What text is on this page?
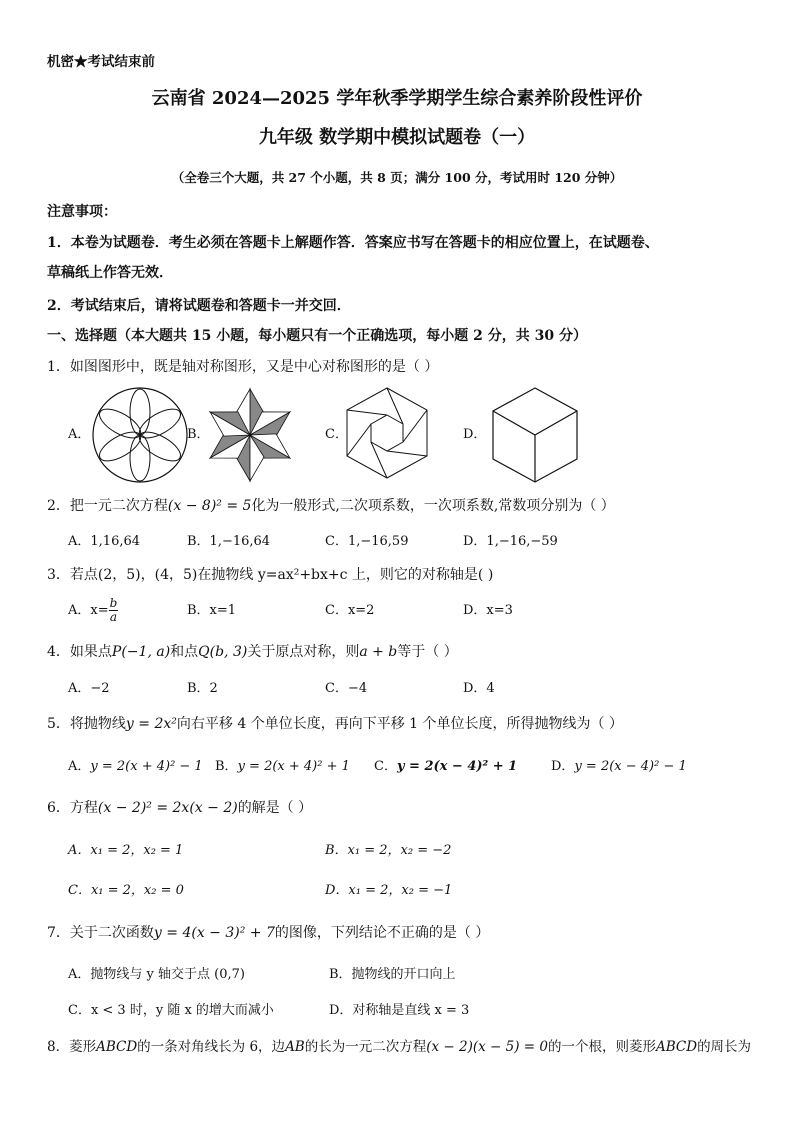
机密★考试结束前
云南省 2024—2025 学年秋季学期学生综合素养阶段性评价
九年级 数学期中模拟试题卷（一）
（全卷三个大题，共 27 个小题，共 8 页；满分 100 分，考试用时 120 分钟）
注意事项：
1．本卷为试题卷．考生必须在答题卡上解题作答．答案应书写在答题卡的相应位置上，在试题卷、
草稿纸上作答无效．
2．考试结束后，请将试题卷和答题卡一并交回．
一、选择题（本大题共 15 小题，每小题只有一个正确选项，每小题 2 分，共 30 分）
1．如图图形中，既是轴对称图形，又是中心对称图形的是（ ）
A．	B．	C．	D．
2．把一元二次方程(x − 8)² = 5化为一般形式,二次项系数，一次项系数,常数项分别为（ ）
A．1,16,64	B．1,−16,64	C．1,−16,59	D．1,−16,−59
3．若点(2，5)，(4，5)在抛物线 y=ax²+bx+c 上，则它的对称轴是( )
A．$x= \frac{b}{a}$	B．x=1	C．x=2	D．x=3
4．如果点P(−1, a)和点Q(b, 3)关于原点对称，则a + b等于（ ）
A．−2	B．2	C．−4	D．4
5．将抛物线y = 2x²向右平移 4 个单位长度，再向下平移 1 个单位长度，所得抛物线为（ ）
A．y = 2(x + 4)² − 1 B．y = 2(x + 4)² + 1 C．y = 2(x − 4)² + 1	D．y = 2(x − 4)² − 1
6．方程(x − 2)² = 2x(x − 2)的解是（ ）
A．x₁ = 2，x₂ = 1	B．x₁ = 2，x₂ = −2
C．x₁ = 2，x₂ = 0	D．x₁ = 2，x₂ = −1
7．关于二次函数y = 4(x − 3)² + 7的图像，下列结论不正确的是（ ）
A．抛物线与 y 轴交于点 (0,7)	B．抛物线的开口向上
C．x < 3 时，y 随 x 的增大而减小	D．对称轴是直线 x = 3
8．菱形ABCD的一条对角线长为 6，边AB的长为一元二次方程(x − 2)(x − 5) = 0的一个根，则菱形ABCD的周长为
